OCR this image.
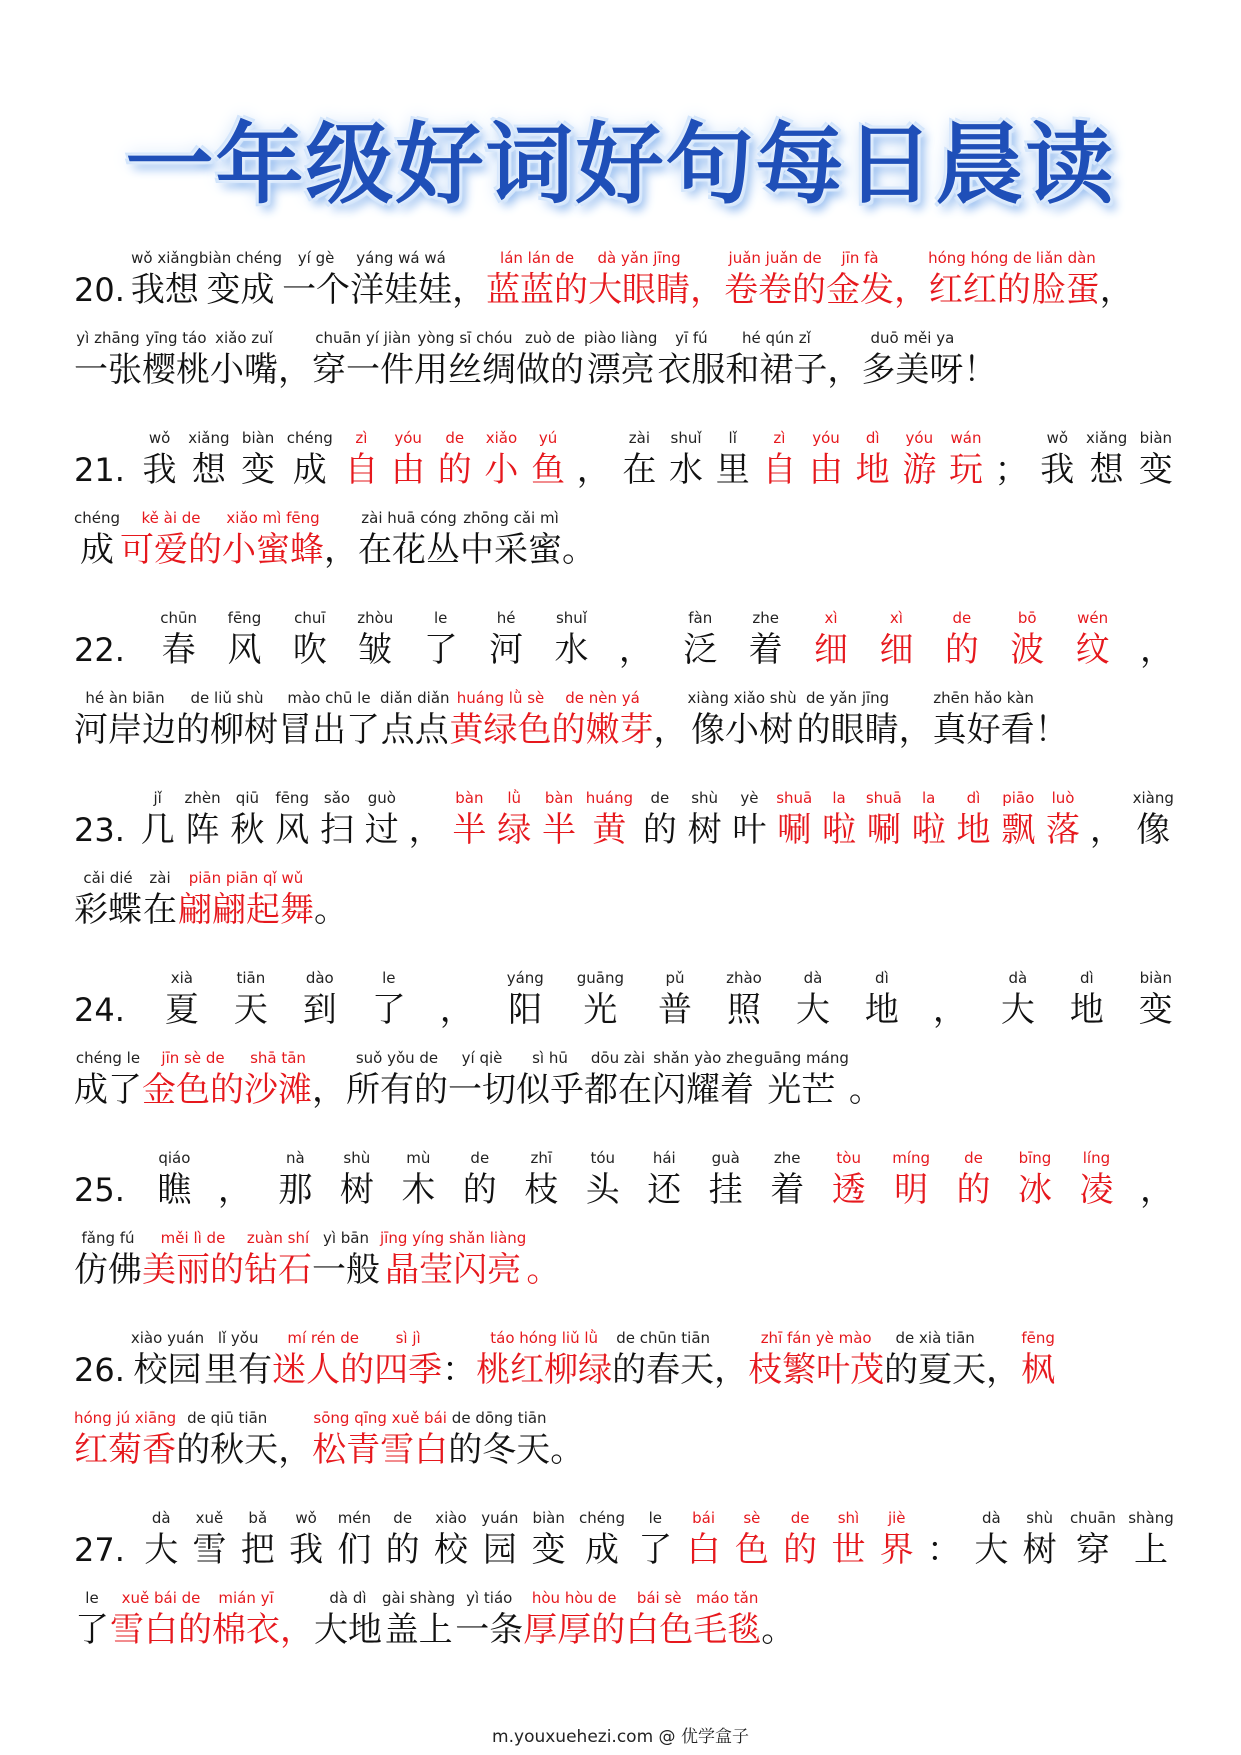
一年级好词好句每日晨读
20.
wǒ xiǎng
我想
biàn chéng
变成
yí gè
一个
yáng wá wá
洋娃娃 ，
lán lán de
蓝蓝的
dà yǎn jīng
大眼睛 ，
juǎn juǎn de
卷卷的
jīn fà
金发 ，
hóng hóng de
红红的
liǎn dàn
脸蛋 ，
yì zhāng
一张
yīng táo
樱桃
xiǎo zuǐ
小嘴 ，
chuān yí jiàn
穿一件
yòng sī chóu
用丝绸
zuò de
做的
piào liàng
漂亮
yī fú
衣服
hé qún zǐ
和裙子 ，
duō měi ya
多美呀 ！
21.
wǒ
我
xiǎng
想
biàn
变
chéng
成
zì
自
yóu
由
de
的
xiǎo
小
yú
鱼 ，
zài
在
shuǐ
水
lǐ
里
zì
自
yóu
由
dì
地
yóu
游
wán
玩 ；
wǒ
我
xiǎng
想
biàn
变
chéng
成
kě ài de
可爱的
xiǎo mì fēng
小蜜蜂 ，
zài huā cóng
在花丛
zhōng cǎi mì
中采蜜 。
22.
chūn
春
fēng
风
chuī
吹
zhòu
皱
le
了
hé
河
shuǐ
水 ，
fàn
泛
zhe
着
xì
细
xì
细
de
的
bō
波
wén
纹 ，
hé àn biān
河岸边
de liǔ shù
的柳树
mào chū le
冒出了
diǎn diǎn
点点
huáng lǜ sè
黄绿色
de nèn yá
的嫩芽 ，
xiàng xiǎo shù
像小树
de yǎn jīng
的眼睛 ，
zhēn hǎo kàn
真好看 ！
23.
jǐ
几
zhèn
阵
qiū
秋
fēng
风
sǎo
扫
guò
过 ，
bàn
半
lǜ
绿
bàn
半
huáng
黄
de
的
shù
树
yè
叶
shuā
唰
la
啦
shuā
唰
la
啦
dì
地
piāo
飘
luò
落 ，
xiàng
像
cǎi dié
彩蝶
zài
在
piān piān qǐ wǔ
翩翩起舞 。
24.
xià
夏
tiān
天
dào
到
le
了 ，
yáng
阳
guāng
光
pǔ
普
zhào
照
dà
大
dì
地 ，
dà
大
dì
地
biàn
变
chéng le
成了
jīn sè de
金色的
shā tān
沙滩 ，
suǒ yǒu de
所有的
yí qiè
一切
sì hū
似乎
dōu zài
都在
shǎn yào zhe
闪耀着
guāng máng
光芒 。
25.
qiáo
瞧 ，
nà
那
shù
树
mù
木
de
的
zhī
枝
tóu
头
hái
还
guà
挂
zhe
着
tòu
透
míng
明
de
的
bīng
冰
líng
凌 ，
fǎng fú
仿佛
měi lì de
美丽的
zuàn shí
钻石
yì bān
一般
jīng yíng shǎn liàng
晶莹闪亮 。
26.
xiào yuán
校园
lǐ yǒu
里有
mí rén de
迷人的
sì jì
四季 ：
táo hóng liǔ lǜ
桃红柳绿
de chūn tiān
的春天 ，
zhī fán yè mào
枝繁叶茂
de xià tiān
的夏天 ，
fēng
枫
hóng jú xiāng
红菊香
de qiū tiān
的秋天 ，
sōng qīng xuě bái
松青雪白
de dōng tiān
的冬天 。
27.
dà
大
xuě
雪
bǎ
把
wǒ
我
mén
们
de
的
xiào
校
yuán
园
biàn
变
chéng
成
le
了
bái
白
sè
色
de
的
shì
世
jiè
界 ：
dà
大
shù
树
chuān
穿
shàng
上
le
了
xuě bái de
雪白的
mián yī
棉衣 ，
dà dì
大地
gài shàng
盖上
yì tiáo
一条
hòu hòu de
厚厚的
bái sè
白色
máo tǎn
毛毯 。
m.youxuehezi.com @ 优学盒子
